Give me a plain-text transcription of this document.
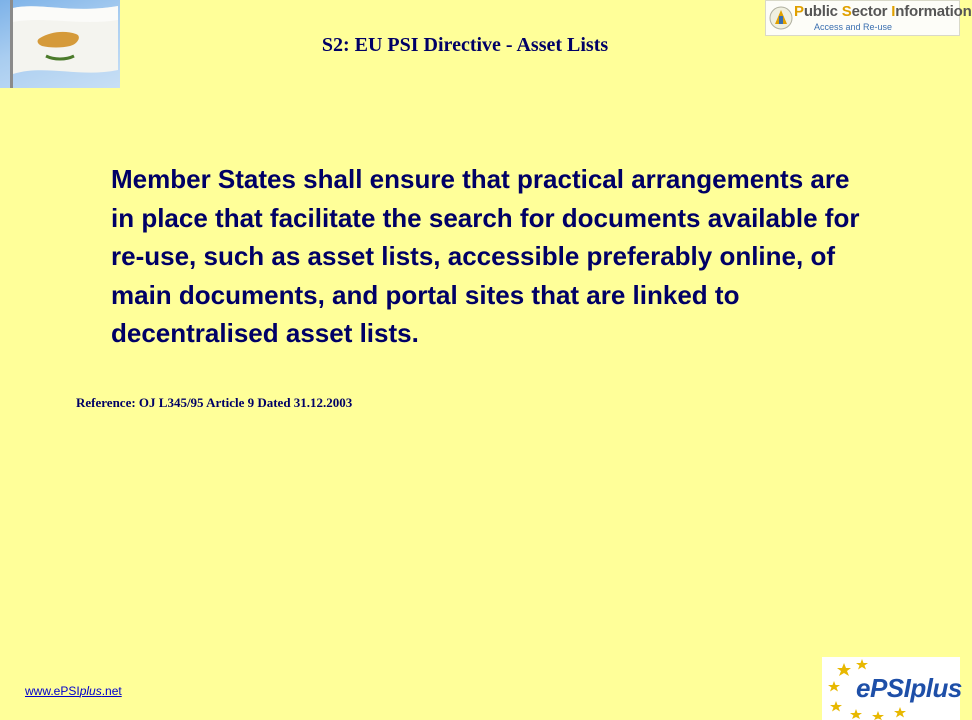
Public Sector Information
Access and Re-use
S2: EU PSI Directive - Asset Lists
Member States shall ensure that practical arrangements are in place that facilitate the search for documents available for re-use, such as asset lists, accessible preferably online, of main documents, and portal sites that are linked to decentralised asset lists.
Reference: OJ L345/95 Article 9 Dated 31.12.2003
www.ePSIplus.net	ePSIplus
